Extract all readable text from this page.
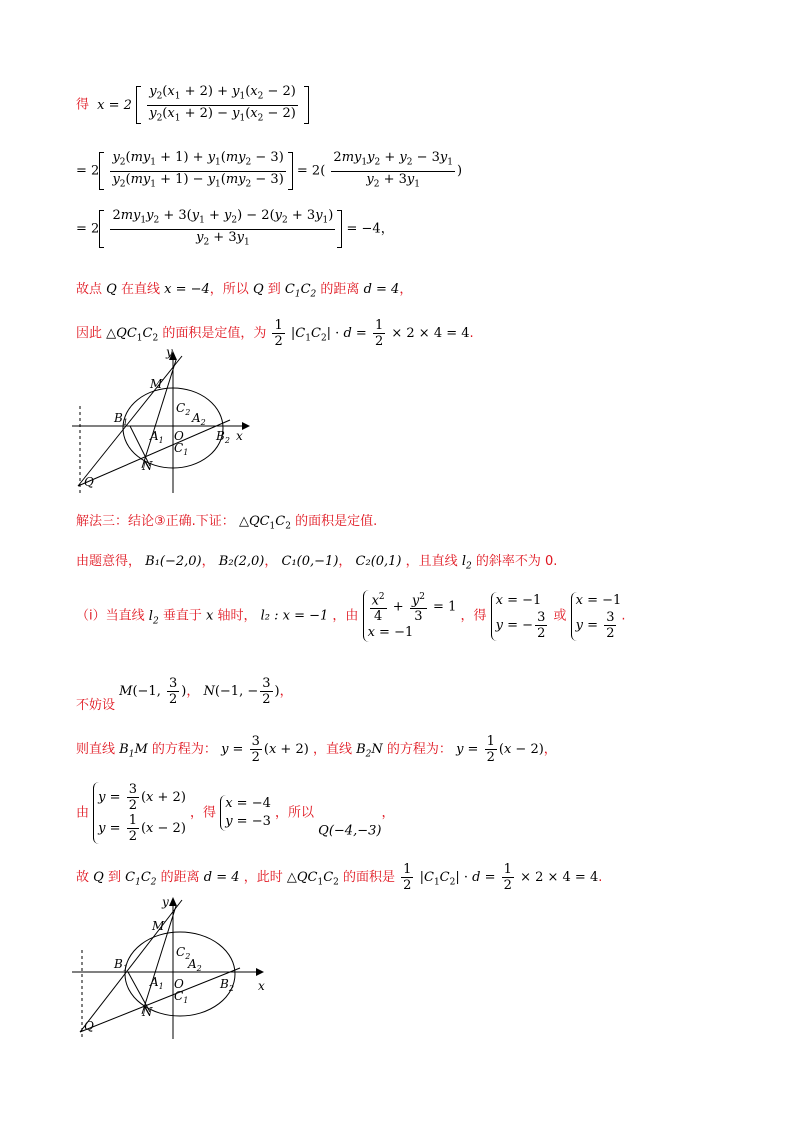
得 $x = 2 \frac{y_2(x_1 + 2) + y_1(x_2 - 2)}{y_2(x_1 + 2) - y_1(x_2 - 2)}$

= $2 \frac{y_2(my_1 + 1) + y_1(my_2 - 3)}{y_2(my_1 + 1) - y_1(my_2 - 3)} = 2( \frac{2my_1y_2 + y_2 - 3y_1}{y_2 + 3y_1}$ )
= $2 \frac{2my_1y_2 + 3(y_1 + y_2) - 2(y_2 + 3y_1)}{y_2 + 3y_1} = -4$，
故点 Q 在直线 x = −4，所以 Q 到 $C_1C_2$ 的距离 d = 4，
因此 $\triangle QC_1C_2$ 的面积是定值，为 $\frac{1}{2} |C_1C_2| \cdot d = \frac{1}{2} \times 2 \times 4 = 4$.
y
x
M
N
Q
O
$B_1$
$B_2$
$A_1$
$A_2$
$C_1$
$C_2$
解法三：结论③正确.下证： $\triangle QC_1C_2$ 的面积是定值.
由题意得， B₁(−2,0)， B₂(2,0)， C₁(0,−1)， C₂(0,1) ，且直线 $l_2$ 的斜率不为 0.
（i）当直线 $l_2$ 垂直于 x 轴时， l₂ : x = −1 ，由 $\frac{x^2}{4} + \frac{y^2}{3} = 1$
x = −1
，得
x = −1
y = − $\frac{3}{2}$ 或
x = −1
$y = \frac{3}{2}$ .
不妨设 M(−1, $\frac{3}{2}$ )， N(−1, − $\frac{3}{2}$ )，
则直线 $B_1M$ 的方程为： $y = \frac{3}{2} (x + 2)$ ，直线 $B_2N$ 的方程为： $y = \frac{1}{2} (x - 2)$，
由
$y = \frac{3}{2} (x + 2)$
$y = \frac{1}{2} (x - 2)$
，得
x = −4
y = −3
，所以 Q(−4,−3)，
故 Q 到 $C_1C_2$ 的距离 d = 4 ，此时 $\triangle QC_1C_2$ 的面积是 $\frac{1}{2} |C_1C_2| \cdot d = \frac{1}{2} \times 2 \times 4 = 4$.
y
x
M
N
Q
O
$B_1$
$B_2$
$A_1$
$A_2$
$C_1$
$C_2$
